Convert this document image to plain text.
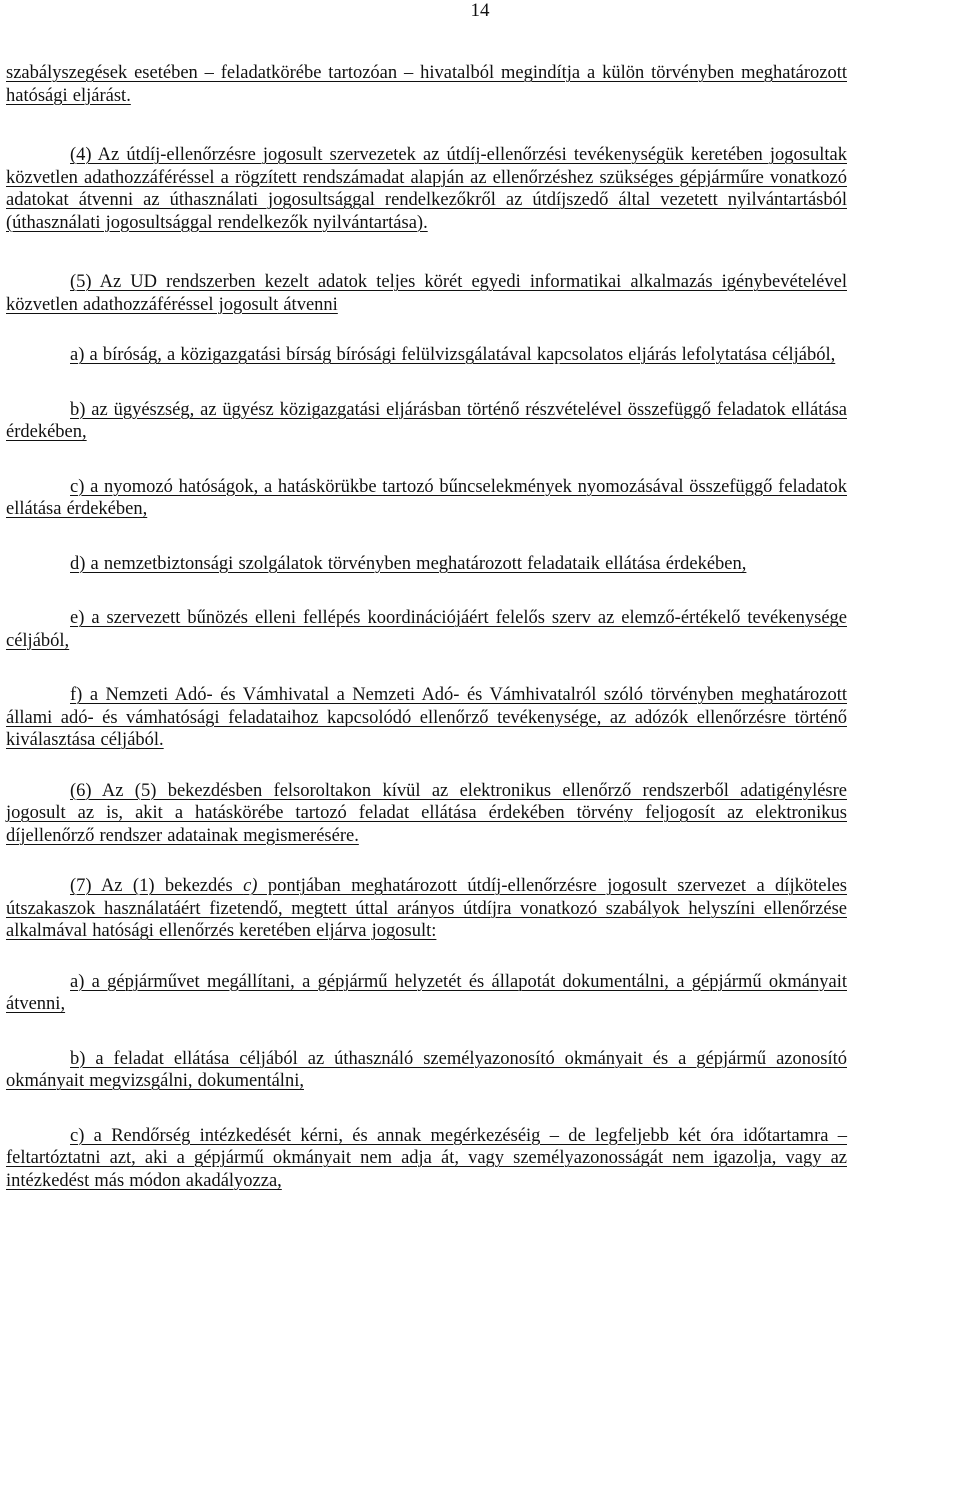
14

szabályszegések esetében – feladatkörébe tartozóan – hivatalból megindítja a külön törvényben meghatározott hatósági eljárást.

(4) Az útdíj-ellenőrzésre jogosult szervezetek az útdíj-ellenőrzési tevékenységük keretében jogosultak közvetlen adathozzáféréssel a rögzített rendszámadat alapján az ellenőrzéshez szükséges gépjárműre vonatkozó adatokat átvenni az úthasználati jogosultsággal rendelkezőkről az útdíjszedő által vezetett nyilvántartásból (úthasználati jogosultsággal rendelkezők nyilvántartása).

(5) Az UD rendszerben kezelt adatok teljes körét egyedi informatikai alkalmazás igénybevételével közvetlen adathozzáféréssel jogosult átvenni

a) a bíróság, a közigazgatási bírság bírósági felülvizsgálatával kapcsolatos eljárás lefolytatása céljából,

b) az ügyészség, az ügyész közigazgatási eljárásban történő részvételével összefüggő feladatok ellátása érdekében,

c) a nyomozó hatóságok, a hatáskörükbe tartozó bűncselekmények nyomozásával összefüggő feladatok ellátása érdekében,

d) a nemzetbiztonsági szolgálatok törvényben meghatározott feladataik ellátása érdekében,

e) a szervezett bűnözés elleni fellépés koordinációjáért felelős szerv az elemző-értékelő tevékenysége céljából,

f) a Nemzeti Adó- és Vámhivatal a Nemzeti Adó- és Vámhivatalról szóló törvényben meghatározott állami adó- és vámhatósági feladataihoz kapcsolódó ellenőrző tevékenysége, az adózók ellenőrzésre történő kiválasztása céljából.

(6) Az (5) bekezdésben felsoroltakon kívül az elektronikus ellenőrző rendszerből adatigénylésre jogosult az is, akit a hatáskörébe tartozó feladat ellátása érdekében törvény feljogosít az elektronikus díjellenőrző rendszer adatainak megismerésére.

(7) Az (1) bekezdés c) pontjában meghatározott útdíj-ellenőrzésre jogosult szervezet a díjköteles útszakaszok használatáért fizetendő, megtett úttal arányos útdíjra vonatkozó szabályok helyszíni ellenőrzése alkalmával hatósági ellenőrzés keretében eljárva jogosult:

a) a gépjárművet megállítani, a gépjármű helyzetét és állapotát dokumentálni, a gépjármű okmányait átvenni,

b) a feladat ellátása céljából az úthasználó személyazonosító okmányait és a gépjármű azonosító okmányait megvizsgálni, dokumentálni,

c) a Rendőrség intézkedését kérni, és annak megérkezéséig – de legfeljebb két óra időtartamra – feltartóztatni azt, aki a gépjármű okmányait nem adja át, vagy személyazonosságát nem igazolja, vagy az intézkedést más módon akadályozza,
